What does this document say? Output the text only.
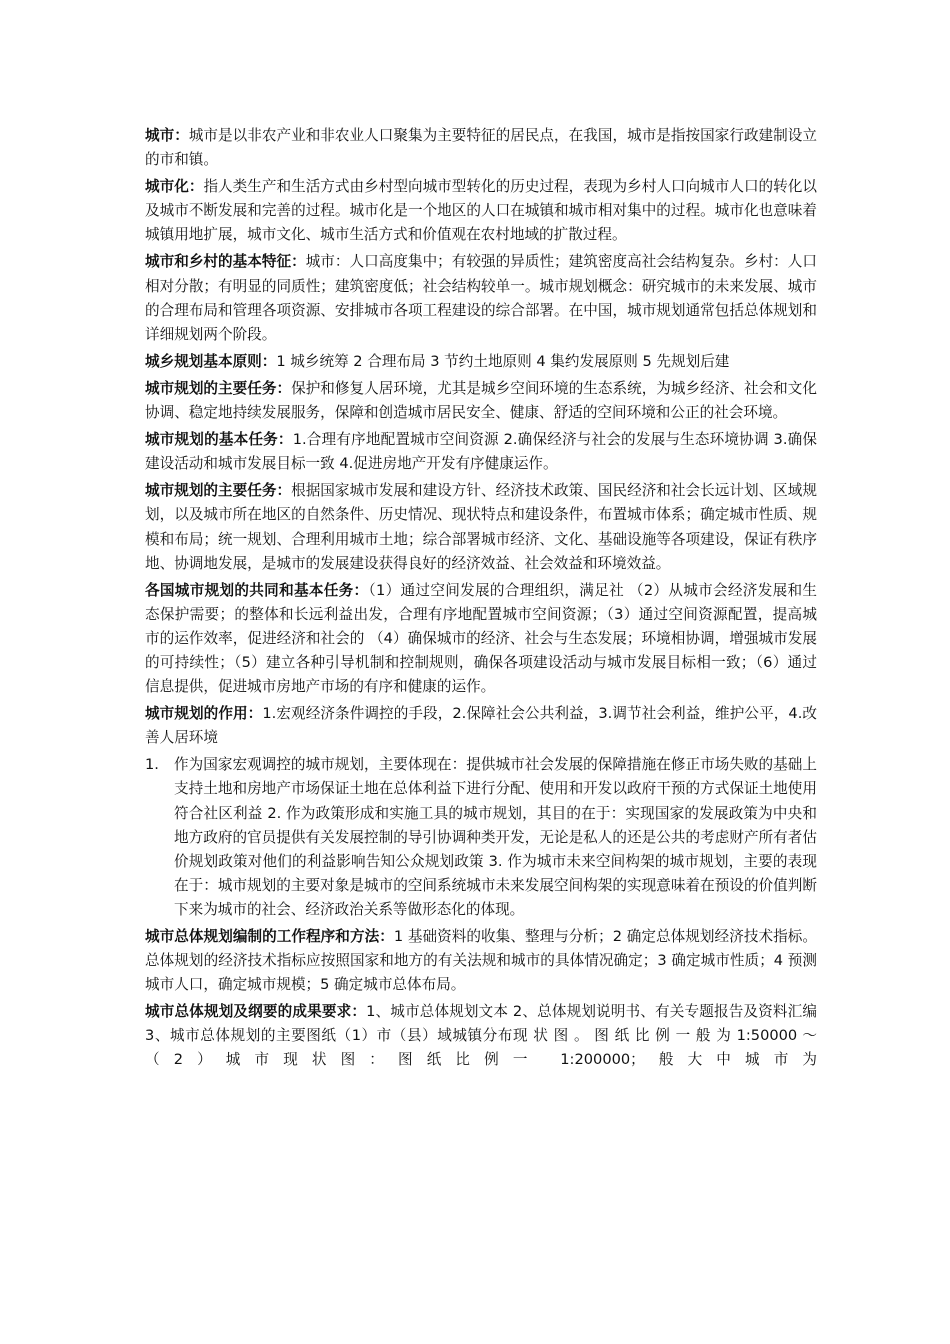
城市：城市是以非农产业和非农业人口聚集为主要特征的居民点，在我国，城市是指按国家行政建制设立的市和镇。

城市化：指人类生产和生活方式由乡村型向城市型转化的历史过程，表现为乡村人口向城市人口的转化以及城市不断发展和完善的过程。城市化是一个地区的人口在城镇和城市相对集中的过程。城市化也意味着城镇用地扩展，城市文化、城市生活方式和价值观在农村地域的扩散过程。

城市和乡村的基本特征：城市：人口高度集中；有较强的异质性；建筑密度高社会结构复杂。乡村：人口相对分散；有明显的同质性；建筑密度低；社会结构较单一。城市规划概念：研究城市的未来发展、城市的合理布局和管理各项资源、安排城市各项工程建设的综合部署。在中国，城市规划通常包括总体规划和详细规划两个阶段。

城乡规划基本原则：1 城乡统筹 2 合理布局 3 节约土地原则 4 集约发展原则 5 先规划后建

城市规划的主要任务：保护和修复人居环境，尤其是城乡空间环境的生态系统，为城乡经济、社会和文化协调、稳定地持续发展服务，保障和创造城市居民安全、健康、舒适的空间环境和公正的社会环境。

城市规划的基本任务：1.合理有序地配置城市空间资源 2.确保经济与社会的发展与生态环境协调 3.确保建设活动和城市发展目标一致 4.促进房地产开发有序健康运作。

城市规划的主要任务：根据国家城市发展和建设方针、经济技术政策、国民经济和社会长远计划、区域规划，以及城市所在地区的自然条件、历史情况、现状特点和建设条件，布置城市体系；确定城市性质、规模和布局；统一规划、合理利用城市土地；综合部署城市经济、文化、基础设施等各项建设，保证有秩序地、协调地发展，是城市的发展建设获得良好的经济效益、社会效益和环境效益。

各国城市规划的共同和基本任务：（1）通过空间发展的合理组织，满足社 （2）从城市会经济发展和生态保护需要；的整体和长远利益出发，合理有序地配置城市空间资源；（3）通过空间资源配置，提高城市的运作效率，促进经济和社会的 （4）确保城市的经济、社会与生态发展；环境相协调，增强城市发展的可持续性；（5）建立各种引导机制和控制规则，确保各项建设活动与城市发展目标相一致；（6）通过信息提供，促进城市房地产市场的有序和健康的运作。

城市规划的作用：1.宏观经济条件调控的手段，2.保障社会公共利益，3.调节社会利益，维护公平，4.改善人居环境

1. 作为国家宏观调控的城市规划，主要体现在：提供城市社会发展的保障措施在修正市场失败的基础上支持土地和房地产市场保证土地在总体利益下进行分配、使用和开发以政府干预的方式保证土地使用符合社区利益 2. 作为政策形成和实施工具的城市规划，其目的在于：实现国家的发展政策为中央和地方政府的官员提供有关发展控制的导引协调种类开发，无论是私人的还是公共的考虑财产所有者估价规划政策对他们的利益影响告知公众规划政策 3. 作为城市未来空间构架的城市规划，主要的表现在于：城市规划的主要对象是城市的空间系统城市未来发展空间构架的实现意味着在预设的价值判断下来为城市的社会、经济政治关系等做形态化的体现。

城市总体规划编制的工作程序和方法：1 基础资料的收集、整理与分析；2 确定总体规划经济技术指标。总体规划的经济技术指标应按照国家和地方的有关法规和城市的具体情况确定；3 确定城市性质；4 预测城市人口，确定城市规模；5 确定城市总体布局。

城市总体规划及纲要的成果要求：1、城市总体规划文本 2、总体规划说明书、有关专题报告及资料汇编 3、城市总体规划的主要图纸（1）市（县）域城镇分布现 状 图 。 图 纸 比 例 一 般 为 1:50000 ～ （2）城市现状图：图纸比例一 1:200000；般大中城市为
